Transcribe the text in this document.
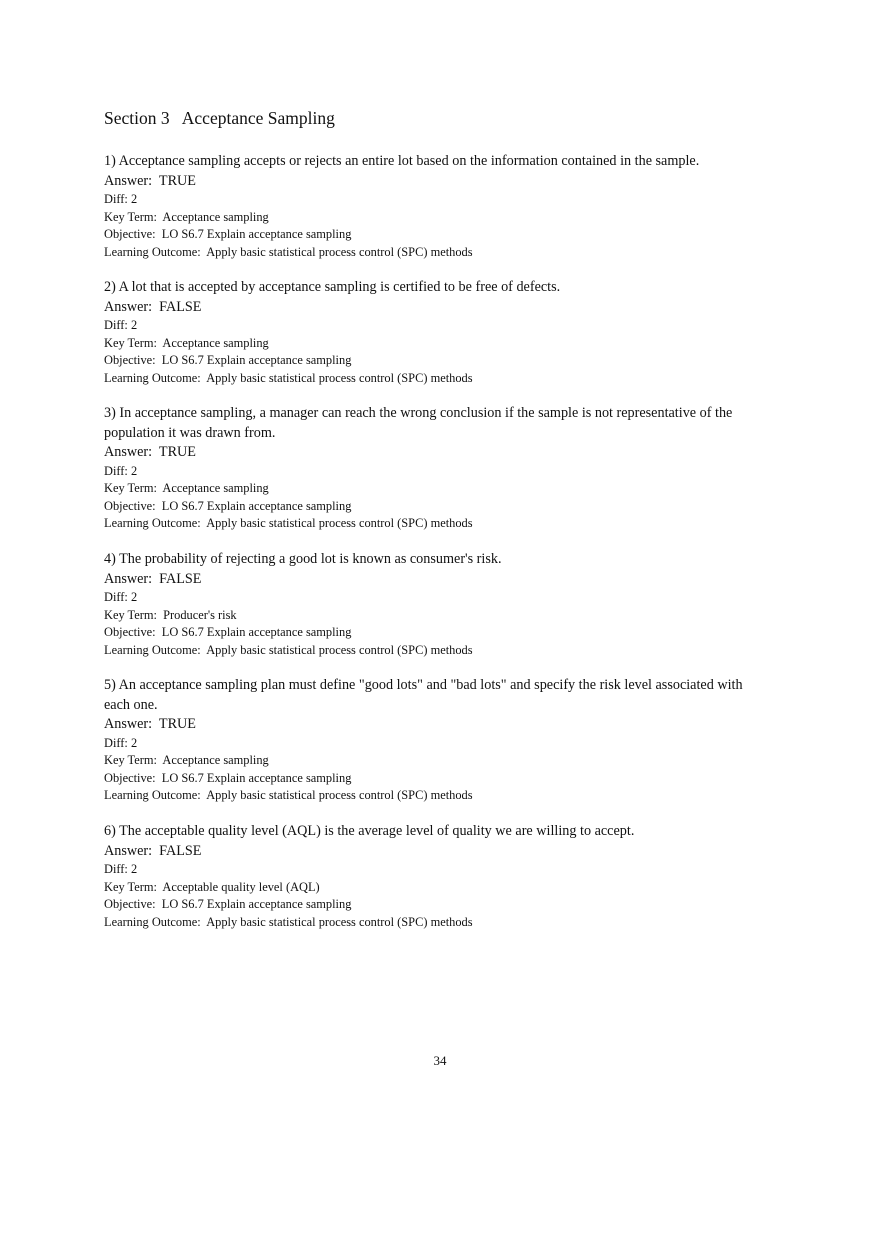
Section 3   Acceptance Sampling

1) Acceptance sampling accepts or rejects an entire lot based on the information contained in the sample.

Answer:  TRUE

Diff: 2

Key Term:  Acceptance sampling

Objective:  LO S6.7 Explain acceptance sampling

Learning Outcome:  Apply basic statistical process control (SPC) methods

2) A lot that is accepted by acceptance sampling is certified to be free of defects.

Answer:  FALSE

Diff: 2

Key Term:  Acceptance sampling

Objective:  LO S6.7 Explain acceptance sampling

Learning Outcome:  Apply basic statistical process control (SPC) methods

3) In acceptance sampling, a manager can reach the wrong conclusion if the sample is not representative of the population it was drawn from.

Answer:  TRUE

Diff: 2

Key Term:  Acceptance sampling

Objective:  LO S6.7 Explain acceptance sampling

Learning Outcome:  Apply basic statistical process control (SPC) methods

4) The probability of rejecting a good lot is known as consumer's risk.

Answer:  FALSE

Diff: 2

Key Term:  Producer's risk

Objective:  LO S6.7 Explain acceptance sampling

Learning Outcome:  Apply basic statistical process control (SPC) methods

5) An acceptance sampling plan must define "good lots" and "bad lots" and specify the risk level associated with each one.

Answer:  TRUE

Diff: 2

Key Term:  Acceptance sampling

Objective:  LO S6.7 Explain acceptance sampling

Learning Outcome:  Apply basic statistical process control (SPC) methods

6) The acceptable quality level (AQL) is the average level of quality we are willing to accept.

Answer:  FALSE

Diff: 2

Key Term:  Acceptable quality level (AQL)

Objective:  LO S6.7 Explain acceptance sampling

Learning Outcome:  Apply basic statistical process control (SPC) methods

34
